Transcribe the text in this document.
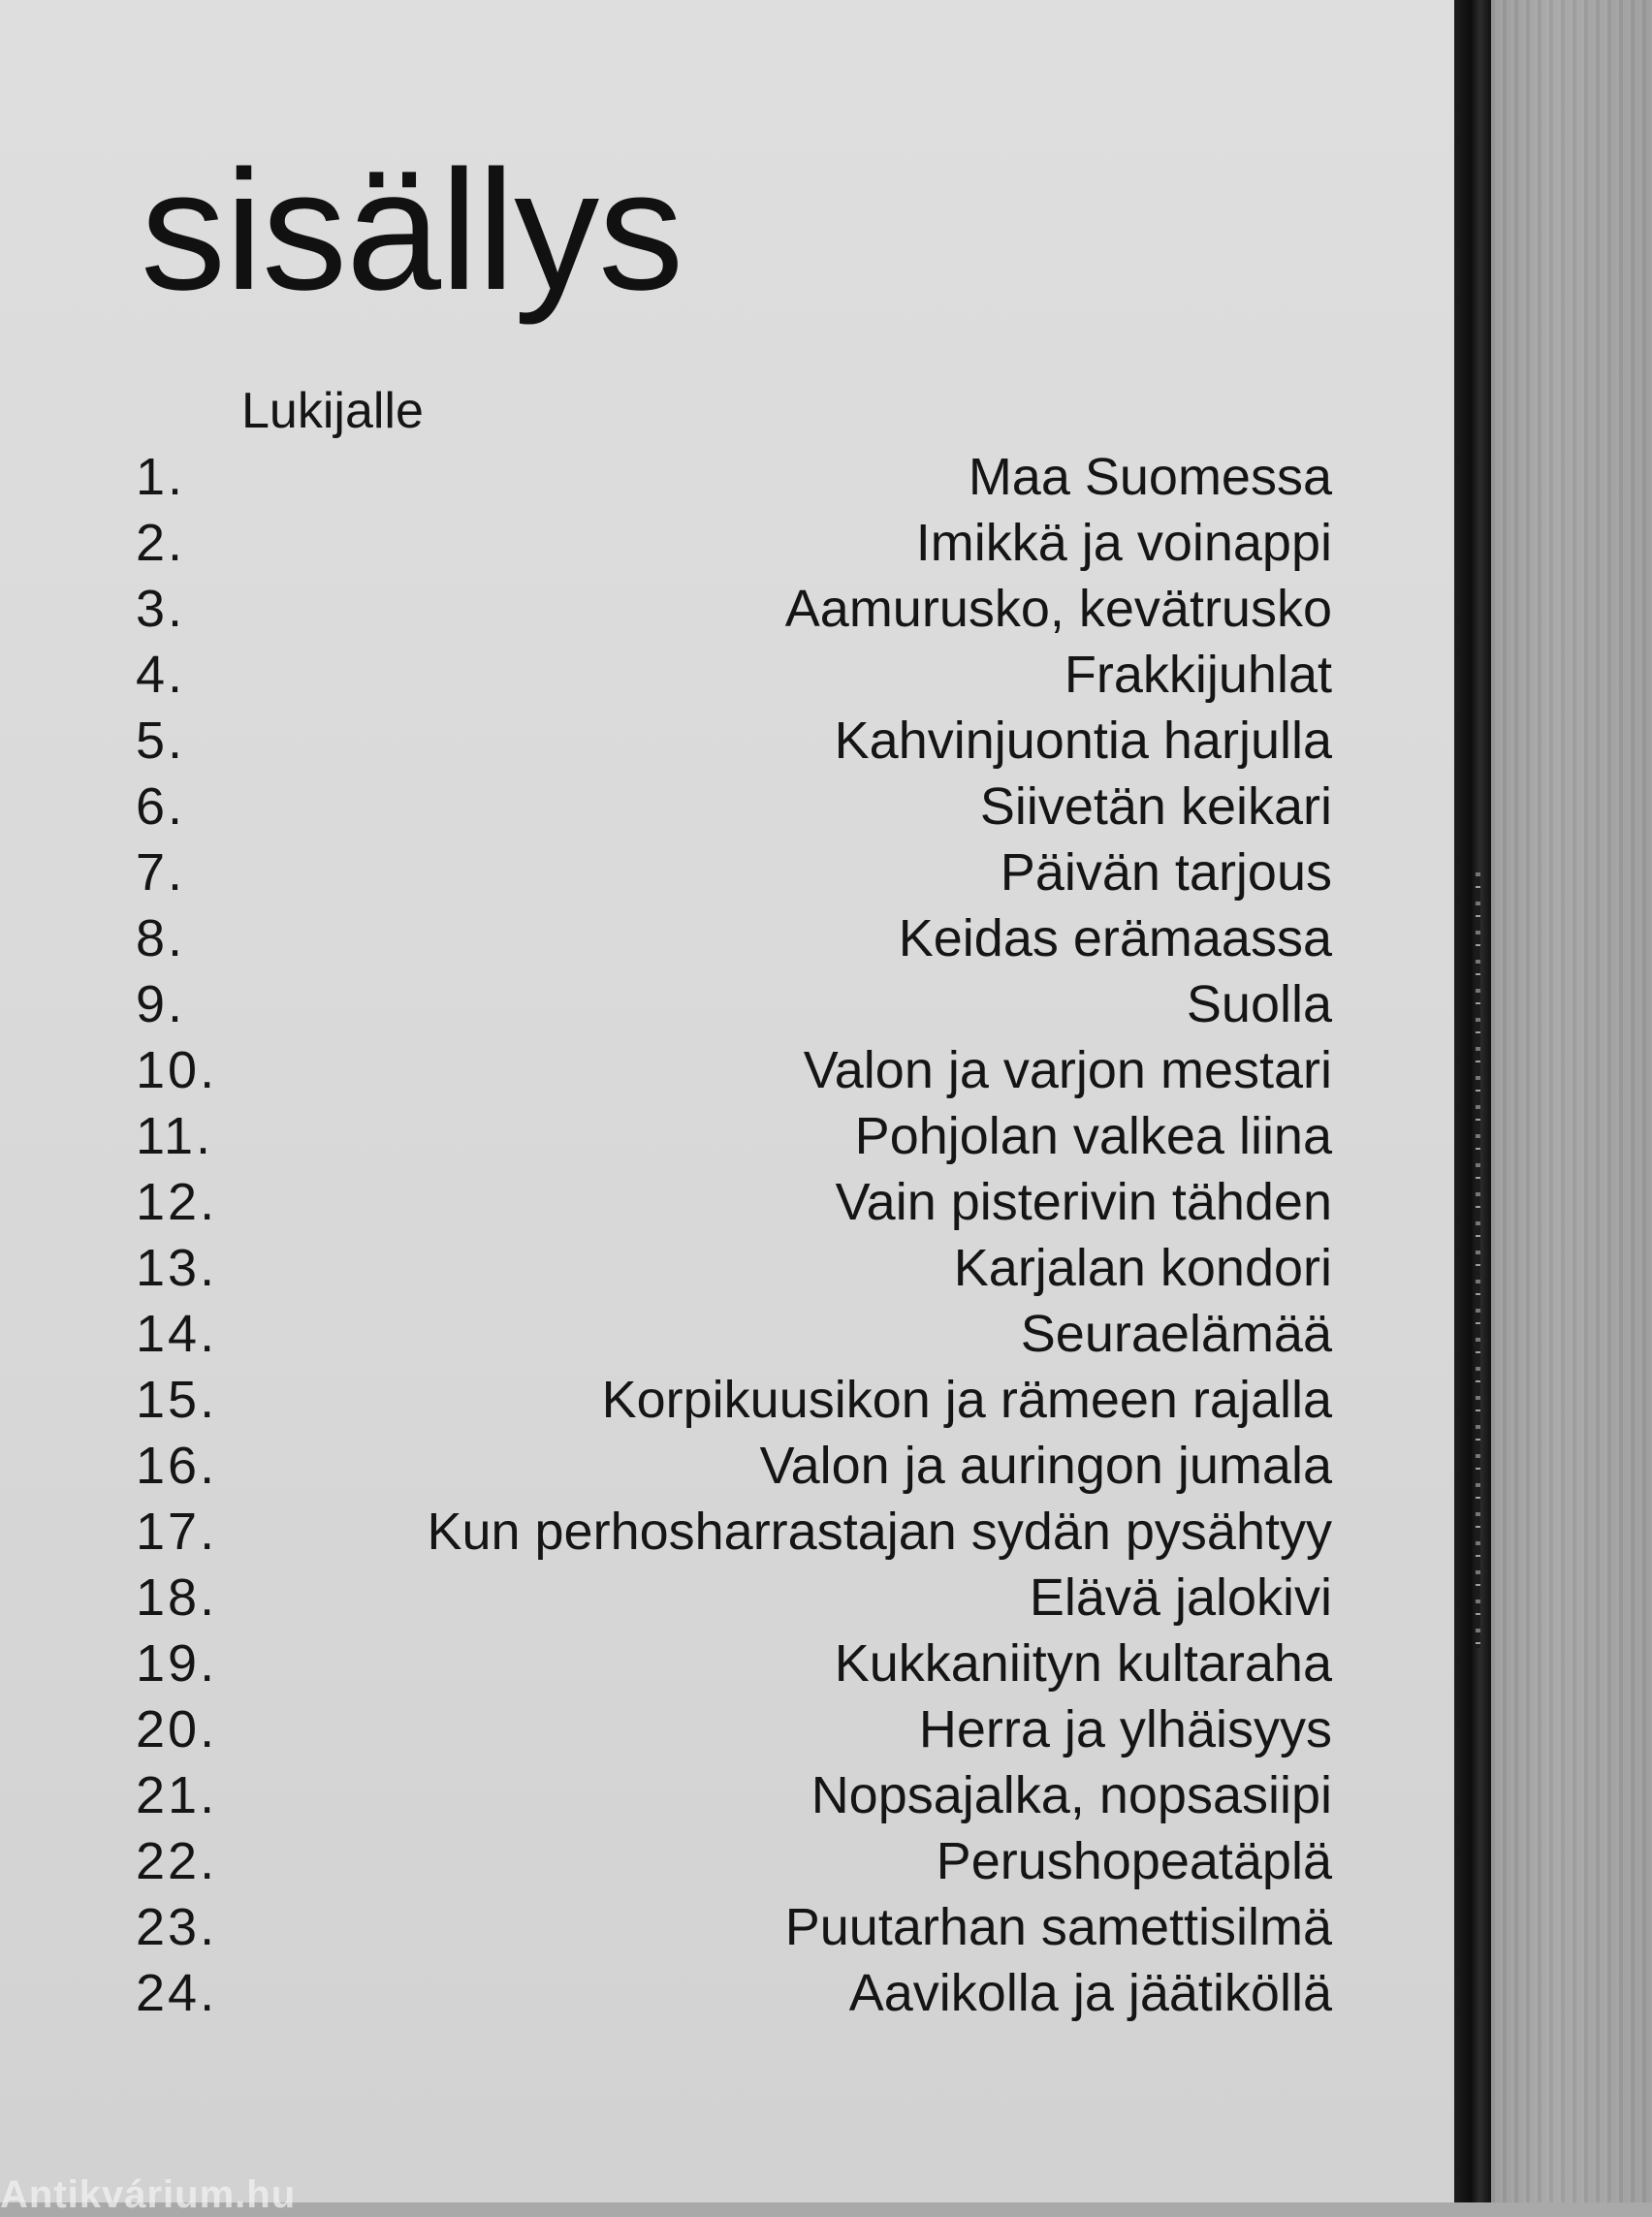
sisällys
Lukijalle
1.	Maa Suomessa
2.	Imikkä ja voinappi
3.	Aamurusko, kevätrusko
4.	Frakkijuhlat
5.	Kahvinjuontia harjulla
6.	Siivetän keikari
7.	Päivän tarjous
8.	Keidas erämaassa
9.	Suolla
10.	Valon ja varjon mestari
11.	Pohjolan valkea liina
12.	Vain pisterivin tähden
13.	Karjalan kondori
14.	Seuraelämää
15.	Korpikuusikon ja rämeen rajalla
16.	Valon ja auringon jumala
17.	Kun perhosharrastajan sydän pysähtyy
18.	Elävä jalokivi
19.	Kukkaniityn kultaraha
20.	Herra ja ylhäisyys
21.	Nopsajalka, nopsasiipi
22.	Perushopeatäplä
23.	Puutarhan samettisilmä
24.	Aavikolla ja jäätiköllä
Antikvárium.hu
